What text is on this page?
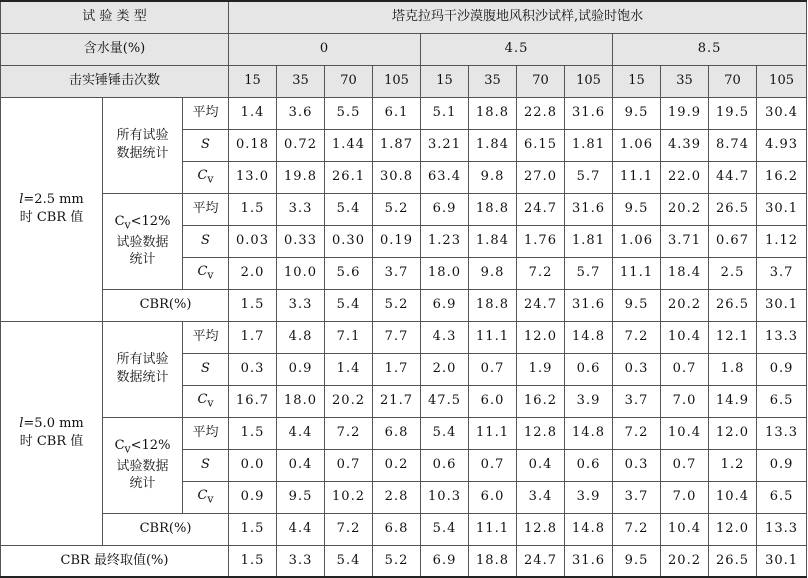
试 验 类 型			塔克拉玛干沙漠腹地风积沙试样,试验时饱水											
含水量(%)			0				4.5				8.5			
击实锤锤击次数			15	35	70	105	15	35	70	105	15	35	70	105
l=2.5 mm
时 CBR 值	所有试验
数据统计	平均	1.4	3.6	5.5	6.1	5.1	18.8	22.8	31.6	9.5	19.9	19.5	30.4
		S	0.18	0.72	1.44	1.87	3.21	1.84	6.15	1.81	1.06	4.39	8.74	4.93
		$C_v$	13.0	19.8	26.1	30.8	63.4	9.8	27.0	5.7	11.1	22.0	44.7	16.2
	$C_v<12\%$
试验数据
统计	平均	1.5	3.3	5.4	5.2	6.9	18.8	24.7	31.6	9.5	20.2	26.5	30.1
		S	0.03	0.33	0.30	0.19	1.23	1.84	1.76	1.81	1.06	3.71	0.67	1.12
		$C_v$	2.0	10.0	5.6	3.7	18.0	9.8	7.2	5.7	11.1	18.4	2.5	3.7
	CBR(%)		1.5	3.3	5.4	5.2	6.9	18.8	24.7	31.6	9.5	20.2	26.5	30.1
l=5.0 mm
时 CBR 值	所有试验
数据统计	平均	1.7	4.8	7.1	7.7	4.3	11.1	12.0	14.8	7.2	10.4	12.1	13.3
		S	0.3	0.9	1.4	1.7	2.0	0.7	1.9	0.6	0.3	0.7	1.8	0.9
		$C_v$	16.7	18.0	20.2	21.7	47.5	6.0	16.2	3.9	3.7	7.0	14.9	6.5
	$C_v<12\%$
试验数据
统计	平均	1.5	4.4	7.2	6.8	5.4	11.1	12.8	14.8	7.2	10.4	12.0	13.3
		S	0.0	0.4	0.7	0.2	0.6	0.7	0.4	0.6	0.3	0.7	1.2	0.9
		$C_v$	0.9	9.5	10.2	2.8	10.3	6.0	3.4	3.9	3.7	7.0	10.4	6.5
	CBR(%)		1.5	4.4	7.2	6.8	5.4	11.1	12.8	14.8	7.2	10.4	12.0	13.3
CBR 最终取值(%)			1.5	3.3	5.4	5.2	6.9	18.8	24.7	31.6	9.5	20.2	26.5	30.1
